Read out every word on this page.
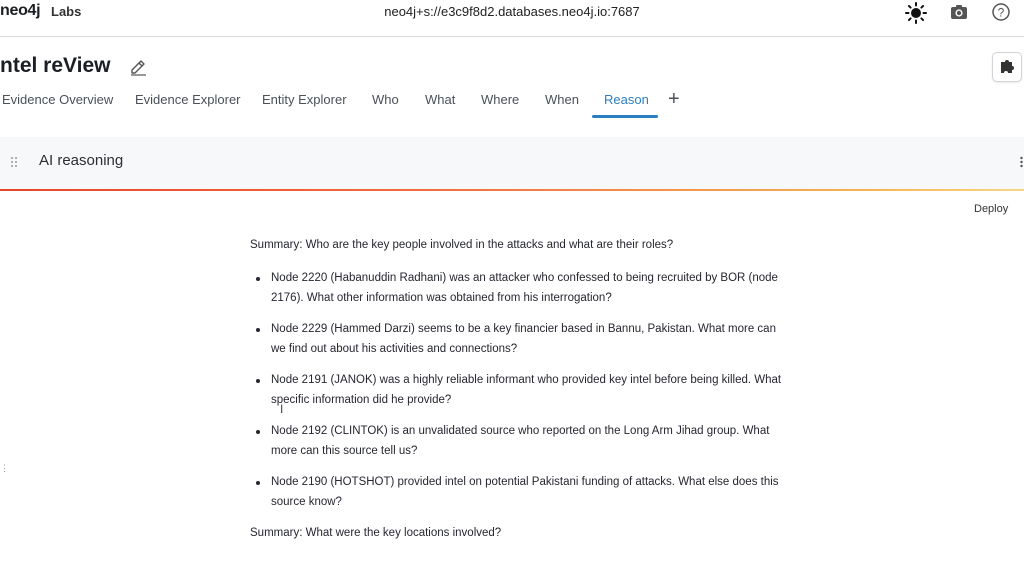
neo4j Labs	neo4j+s://e3c9f8d2.databases.neo4j.io:7687	?
ntel reView
Evidence Overview Evidence Explorer Entity Explorer Who What Where When Reason +
AI reasoning
Deploy
Summary: Who are the key people involved in the attacks and what are their roles?
Node 2220 (Habanuddin Radhani) was an attacker who confessed to being recruited by BOR (node 2176). What other information was obtained from his interrogation?
Node 2229 (Hammed Darzi) seems to be a key financier based in Bannu, Pakistan. What more can we find out about his activities and connections?
Node 2191 (JANOK) was a highly reliable informant who provided key intel before being killed. What specific information did he provide?
Node 2192 (CLINTOK) is an unvalidated source who reported on the Long Arm Jihad group. What more can this source tell us?
Node 2190 (HOTSHOT) provided intel on potential Pakistani funding of attacks. What else does this source know?
Summary: What were the key locations involved?
I
⋮
